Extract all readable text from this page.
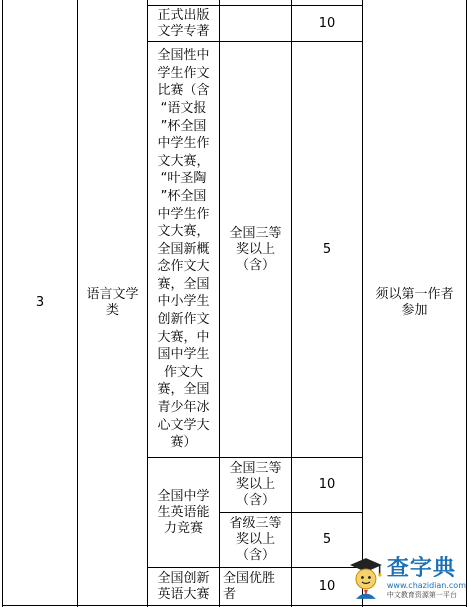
3
语言文学
类
须以第一作者
参加
正式出版
文学专著
10
全国性中
学生作文
比赛（含
“语文报
”杯全国
中学生作
文大赛，
“叶圣陶
”杯全国
中学生作
文大赛，
全国新概
念作文大
赛，全国
中小学生
创新作文
大赛，中
国中学生
作文大
赛，全国
青少年冰
心文学大
赛）
全国三等
奖以上
（含）
5
全国中学
生英语能
力竞赛
全国三等
奖以上
（含）
10
省级三等
奖以上
（含）
5
全国创新
英语大赛
全国优胜
者
10
查字典
www.chazidian.com
中文教育资源第一平台
